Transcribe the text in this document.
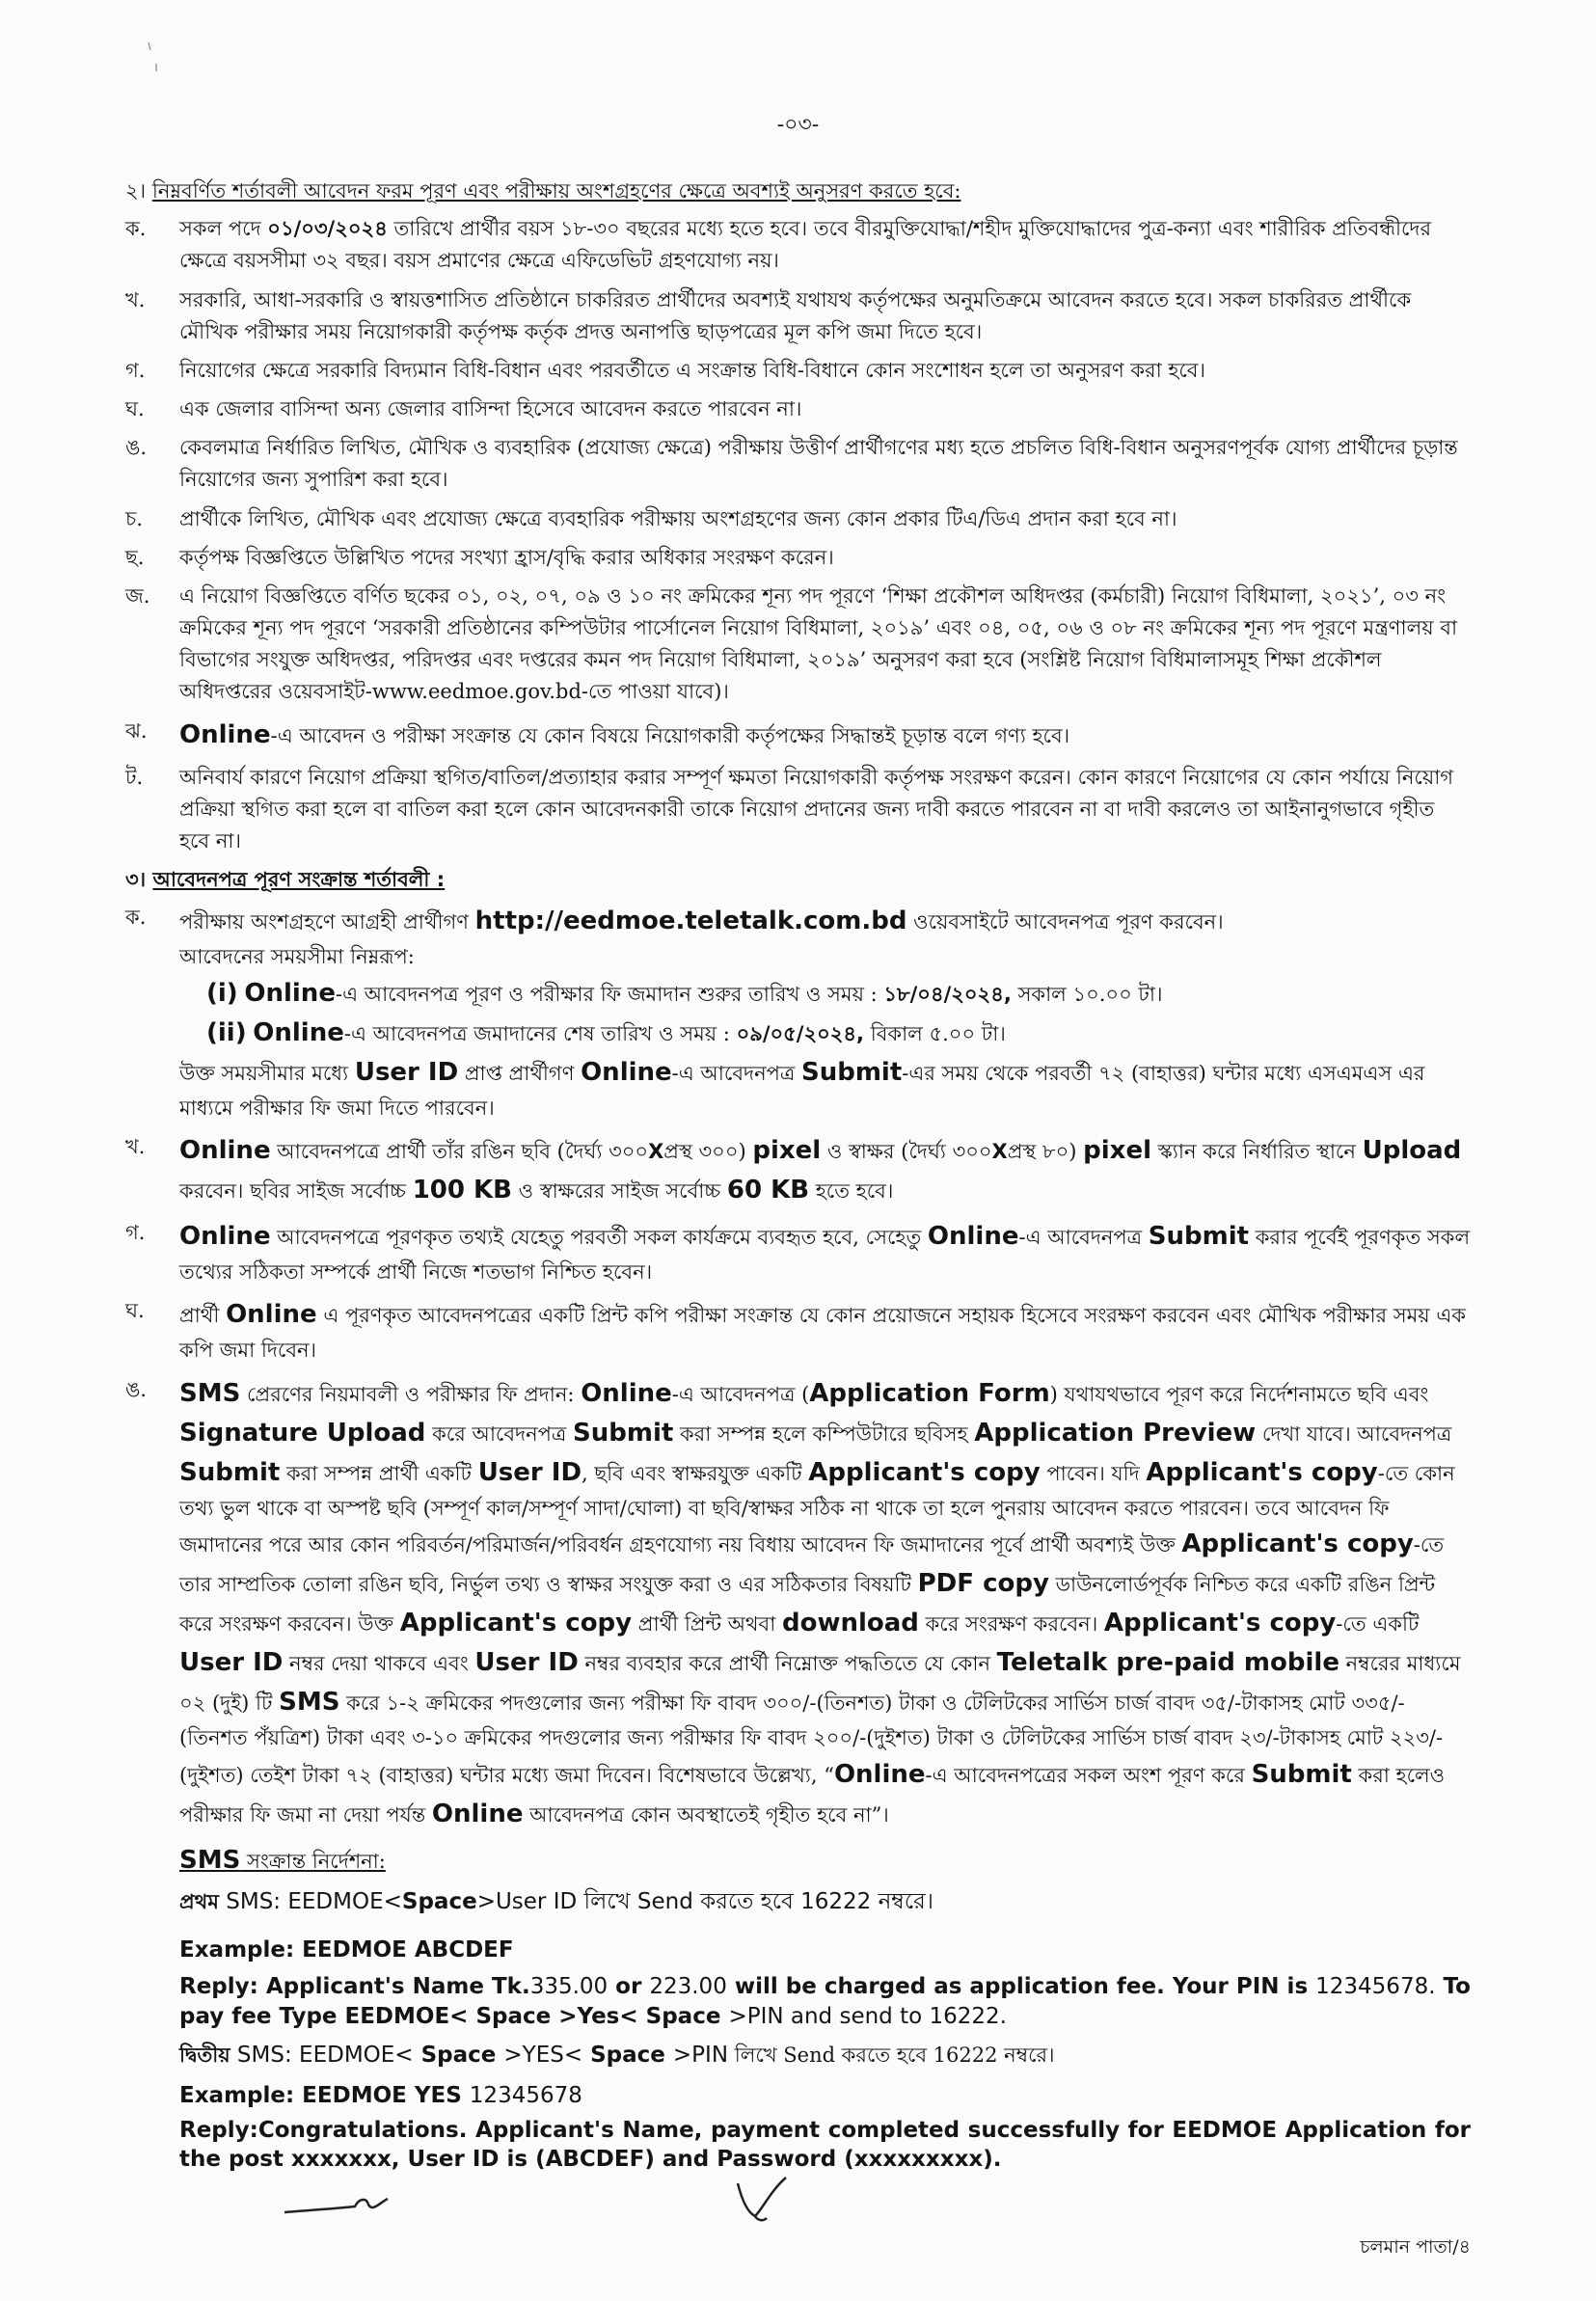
-০৩-
২। নিম্নবর্ণিত শর্তাবলী আবেদন ফরম পূরণ এবং পরীক্ষায় অংশগ্রহণের ক্ষেত্রে অবশ্যই অনুসরণ করতে হবে:
ক.	সকল পদে ০১/০৩/২০২৪ তারিখে প্রার্থীর বয়স ১৮-৩০ বছরের মধ্যে হতে হবে। তবে বীরমুক্তিযোদ্ধা/শহীদ মুক্তিযোদ্ধাদের পুত্র-কন্যা এবং শারীরিক প্রতিবন্ধীদের ক্ষেত্রে বয়সসীমা ৩২ বছর। বয়স প্রমাণের ক্ষেত্রে এফিডেভিট গ্রহণযোগ্য নয়।
খ.	সরকারি, আধা-সরকারি ও স্বায়ত্তশাসিত প্রতিষ্ঠানে চাকরিরত প্রার্থীদের অবশ্যই যথাযথ কর্তৃপক্ষের অনুমতিক্রমে আবেদন করতে হবে। সকল চাকরিরত প্রার্থীকে মৌখিক পরীক্ষার সময় নিয়োগকারী কর্তৃপক্ষ কর্তৃক প্রদত্ত অনাপত্তি ছাড়পত্রের মূল কপি জমা দিতে হবে।
গ.	নিয়োগের ক্ষেত্রে সরকারি বিদ্যমান বিধি-বিধান এবং পরবর্তীতে এ সংক্রান্ত বিধি-বিধানে কোন সংশোধন হলে তা অনুসরণ করা হবে।
ঘ.	এক জেলার বাসিন্দা অন্য জেলার বাসিন্দা হিসেবে আবেদন করতে পারবেন না।
ঙ.	কেবলমাত্র নির্ধারিত লিখিত, মৌখিক ও ব্যবহারিক (প্রযোজ্য ক্ষেত্রে) পরীক্ষায় উত্তীর্ণ প্রার্থীগণের মধ্য হতে প্রচলিত বিধি-বিধান অনুসরণপূর্বক যোগ্য প্রার্থীদের চূড়ান্ত নিয়োগের জন্য সুপারিশ করা হবে।
চ.	প্রার্থীকে লিখিত, মৌখিক এবং প্রযোজ্য ক্ষেত্রে ব্যবহারিক পরীক্ষায় অংশগ্রহণের জন্য কোন প্রকার টিএ/ডিএ প্রদান করা হবে না।
ছ.	কর্তৃপক্ষ বিজ্ঞপ্তিতে উল্লিখিত পদের সংখ্যা হ্রাস/বৃদ্ধি করার অধিকার সংরক্ষণ করেন।
জ.	এ নিয়োগ বিজ্ঞপ্তিতে বর্ণিত ছকের ০১, ০২, ০৭, ০৯ ও ১০ নং ক্রমিকের শূন্য পদ পূরণে ‘শিক্ষা প্রকৌশল অধিদপ্তর (কর্মচারী) নিয়োগ বিধিমালা, ২০২১’, ০৩ নং ক্রমিকের শূন্য পদ পূরণে ‘সরকারী প্রতিষ্ঠানের কম্পিউটার পার্সোনেল নিয়োগ বিধিমালা, ২০১৯’ এবং ০৪, ০৫, ০৬ ও ০৮ নং ক্রমিকের শূন্য পদ পূরণে মন্ত্রণালয় বা বিভাগের সংযুক্ত অধিদপ্তর, পরিদপ্তর এবং দপ্তরের কমন পদ নিয়োগ বিধিমালা, ২০১৯’ অনুসরণ করা হবে (সংশ্লিষ্ট নিয়োগ বিধিমালাসমূহ শিক্ষা প্রকৌশল অধিদপ্তরের ওয়েবসাইট-www.eedmoe.gov.bd-তে পাওয়া যাবে)।
ঝ.	Online-এ আবেদন ও পরীক্ষা সংক্রান্ত যে কোন বিষয়ে নিয়োগকারী কর্তৃপক্ষের সিদ্ধান্তই চূড়ান্ত বলে গণ্য হবে।
ট.	অনিবার্য কারণে নিয়োগ প্রক্রিয়া স্থগিত/বাতিল/প্রত্যাহার করার সম্পূর্ণ ক্ষমতা নিয়োগকারী কর্তৃপক্ষ সংরক্ষণ করেন। কোন কারণে নিয়োগের যে কোন পর্যায়ে নিয়োগ প্রক্রিয়া স্থগিত করা হলে বা বাতিল করা হলে কোন আবেদনকারী তাকে নিয়োগ প্রদানের জন্য দাবী করতে পারবেন না বা দাবী করলেও তা আইনানুগভাবে গৃহীত হবে না।
৩। আবেদনপত্র পূরণ সংক্রান্ত শর্তাবলী :
ক.	পরীক্ষায় অংশগ্রহণে আগ্রহী প্রার্থীগণ http://eedmoe.teletalk.com.bd ওয়েবসাইটে আবেদনপত্র পূরণ করবেন।
আবেদনের সময়সীমা নিম্নরূপ:

(i) Online-এ আবেদনপত্র পূরণ ও পরীক্ষার ফি জমাদান শুরুর তারিখ ও সময় : ১৮/০৪/২০২৪, সকাল ১০.০০ টা।
(ii) Online-এ আবেদনপত্র জমাদানের শেষ তারিখ ও সময় : ০৯/০৫/২০২৪, বিকাল ৫.০০ টা।
উক্ত সময়সীমার মধ্যে User ID প্রাপ্ত প্রার্থীগণ Online-এ আবেদনপত্র Submit-এর সময় থেকে পরবর্তী ৭২ (বাহাত্তর) ঘন্টার মধ্যে এসএমএস এর মাধ্যমে পরীক্ষার ফি জমা দিতে পারবেন।
খ.	Online আবেদনপত্রে প্রার্থী তাঁর রঙিন ছবি (দৈর্ঘ্য ৩০০Xপ্রস্থ ৩০০) pixel ও স্বাক্ষর (দৈর্ঘ্য ৩০০Xপ্রস্থ ৮০) pixel স্ক্যান করে নির্ধারিত স্থানে Upload করবেন। ছবির সাইজ সর্বোচ্চ 100 KB ও স্বাক্ষরের সাইজ সর্বোচ্চ 60 KB হতে হবে।
গ.	Online আবেদনপত্রে পূরণকৃত তথ্যই যেহেতু পরবর্তী সকল কার্যক্রমে ব্যবহৃত হবে, সেহেতু Online-এ আবেদনপত্র Submit করার পূর্বেই পূরণকৃত সকল তথ্যের সঠিকতা সম্পর্কে প্রার্থী নিজে শতভাগ নিশ্চিত হবেন।
ঘ.	প্রার্থী Online এ পূরণকৃত আবেদনপত্রের একটি প্রিন্ট কপি পরীক্ষা সংক্রান্ত যে কোন প্রয়োজনে সহায়ক হিসেবে সংরক্ষণ করবেন এবং মৌখিক পরীক্ষার সময় এক কপি জমা দিবেন।
ঙ.	SMS প্রেরণের নিয়মাবলী ও পরীক্ষার ফি প্রদান: Online-এ আবেদনপত্র (Application Form) যথাযথভাবে পূরণ করে নির্দেশনামতে ছবি এবং Signature Upload করে আবেদনপত্র Submit করা সম্পন্ন হলে কম্পিউটারে ছবিসহ Application Preview দেখা যাবে। আবেদনপত্র Submit করা সম্পন্ন প্রার্থী একটি User ID, ছবি এবং স্বাক্ষরযুক্ত একটি Applicant's copy পাবেন। যদি Applicant's copy-তে কোন তথ্য ভুল থাকে বা অস্পষ্ট ছবি (সম্পূর্ণ কাল/সম্পূর্ণ সাদা/ঘোলা) বা ছবি/স্বাক্ষর সঠিক না থাকে তা হলে পুনরায় আবেদন করতে পারবেন। তবে আবেদন ফি জমাদানের পরে আর কোন পরিবর্তন/পরিমার্জন/পরিবর্ধন গ্রহণযোগ্য নয় বিধায় আবেদন ফি জমাদানের পূর্বে প্রার্থী অবশ্যই উক্ত Applicant's copy-তে তার সাম্প্রতিক তোলা রঙিন ছবি, নির্ভুল তথ্য ও স্বাক্ষর সংযুক্ত করা ও এর সঠিকতার বিষয়টি PDF copy ডাউনলোর্ডপূর্বক নিশ্চিত করে একটি রঙিন প্রিন্ট করে সংরক্ষণ করবেন। উক্ত Applicant's copy প্রার্থী প্রিন্ট অথবা download করে সংরক্ষণ করবেন। Applicant's copy-তে একটি User ID নম্বর দেয়া থাকবে এবং User ID নম্বর ব্যবহার করে প্রার্থী নিম্নোক্ত পদ্ধতিতে যে কোন Teletalk pre-paid mobile নম্বরের মাধ্যমে ০২ (দুই) টি SMS করে ১-২ ক্রমিকের পদগুলোর জন্য পরীক্ষা ফি বাবদ ৩০০/-(তিনশত) টাকা ও টেলিটকের সার্ভিস চার্জ বাবদ ৩৫/-টাকাসহ মোট ৩৩৫/-(তিনশত পঁয়ত্রিশ) টাকা এবং ৩-১০ ক্রমিকের পদগুলোর জন্য পরীক্ষার ফি বাবদ ২০০/-(দুইশত) টাকা ও টেলিটকের সার্ভিস চার্জ বাবদ ২৩/-টাকাসহ মোট ২২৩/-(দুইশত) তেইশ টাকা ৭২ (বাহাত্তর) ঘন্টার মধ্যে জমা দিবেন। বিশেষভাবে উল্লেখ্য, “Online-এ আবেদনপত্রের সকল অংশ পূরণ করে Submit করা হলেও পরীক্ষার ফি জমা না দেয়া পর্যন্ত Online আবেদনপত্র কোন অবস্থাতেই গৃহীত হবে না”।
SMS সংক্রান্ত নির্দেশনা:
প্রথম SMS: EEDMOE<Space>User ID লিখে Send করতে হবে 16222 নম্বরে।
Example: EEDMOE ABCDEF
Reply: Applicant's Name Tk.335.00 or 223.00 will be charged as application fee. Your PIN is 12345678. To pay fee Type EEDMOE< Space >Yes< Space >PIN and send to 16222.
দ্বিতীয় SMS: EEDMOE< Space >YES< Space >PIN লিখে Send করতে হবে 16222 নম্বরে।
Example: EEDMOE YES 12345678
Reply:Congratulations. Applicant's Name, payment completed successfully for EEDMOE Application for the post xxxxxxx, User ID is (ABCDEF) and Password (xxxxxxxxx).
চলমান পাতা/৪
